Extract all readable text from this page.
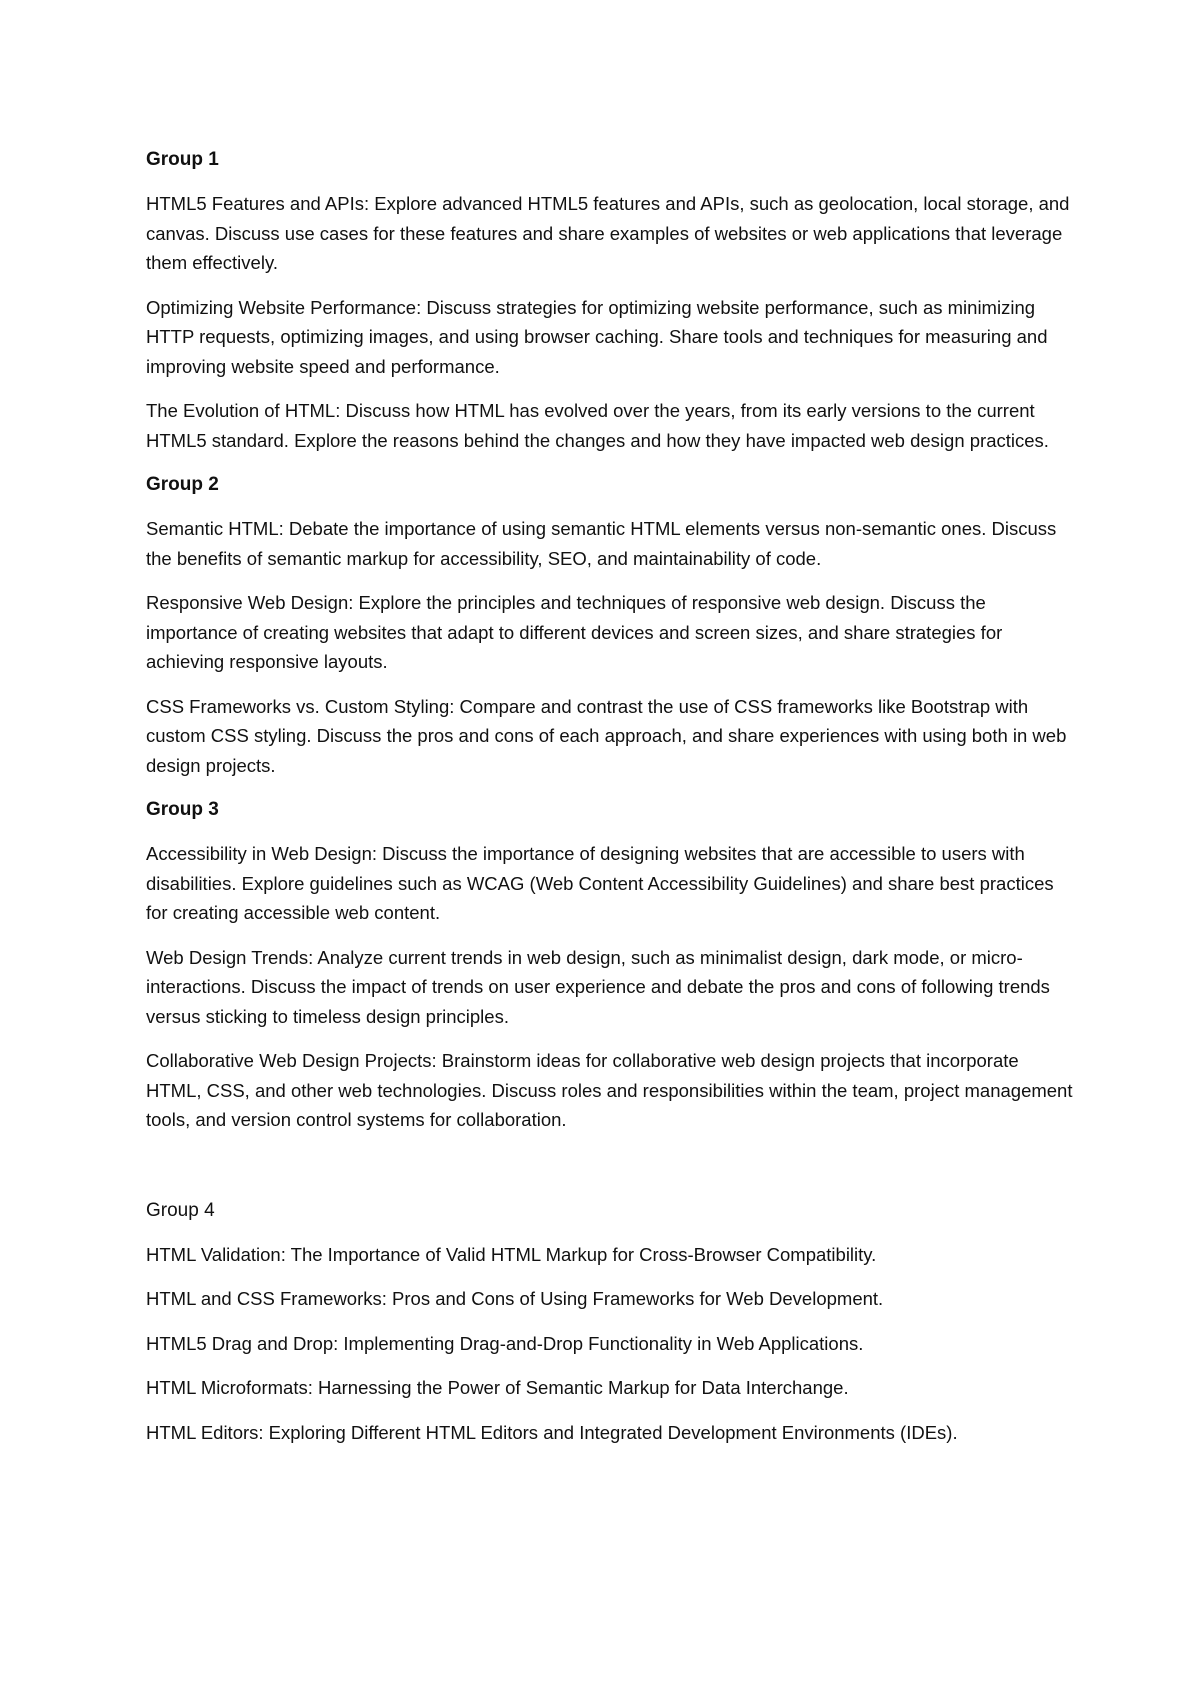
Group 1

HTML5 Features and APIs: Explore advanced HTML5 features and APIs, such as geolocation, local storage, and canvas. Discuss use cases for these features and share examples of websites or web applications that leverage them effectively.

Optimizing Website Performance: Discuss strategies for optimizing website performance, such as minimizing HTTP requests, optimizing images, and using browser caching. Share tools and techniques for measuring and improving website speed and performance.

The Evolution of HTML: Discuss how HTML has evolved over the years, from its early versions to the current HTML5 standard. Explore the reasons behind the changes and how they have impacted web design practices.

Group 2

Semantic HTML: Debate the importance of using semantic HTML elements versus non-semantic ones. Discuss the benefits of semantic markup for accessibility, SEO, and maintainability of code.

Responsive Web Design: Explore the principles and techniques of responsive web design. Discuss the importance of creating websites that adapt to different devices and screen sizes, and share strategies for achieving responsive layouts.

CSS Frameworks vs. Custom Styling: Compare and contrast the use of CSS frameworks like Bootstrap with custom CSS styling. Discuss the pros and cons of each approach, and share experiences with using both in web design projects.

Group 3

Accessibility in Web Design: Discuss the importance of designing websites that are accessible to users with disabilities. Explore guidelines such as WCAG (Web Content Accessibility Guidelines) and share best practices for creating accessible web content.

Web Design Trends: Analyze current trends in web design, such as minimalist design, dark mode, or micro-interactions. Discuss the impact of trends on user experience and debate the pros and cons of following trends versus sticking to timeless design principles.

Collaborative Web Design Projects: Brainstorm ideas for collaborative web design projects that incorporate HTML, CSS, and other web technologies. Discuss roles and responsibilities within the team, project management tools, and version control systems for collaboration.

Group 4

HTML Validation: The Importance of Valid HTML Markup for Cross-Browser Compatibility.

HTML and CSS Frameworks: Pros and Cons of Using Frameworks for Web Development.

HTML5 Drag and Drop: Implementing Drag-and-Drop Functionality in Web Applications.

HTML Microformats: Harnessing the Power of Semantic Markup for Data Interchange.

HTML Editors: Exploring Different HTML Editors and Integrated Development Environments (IDEs).
